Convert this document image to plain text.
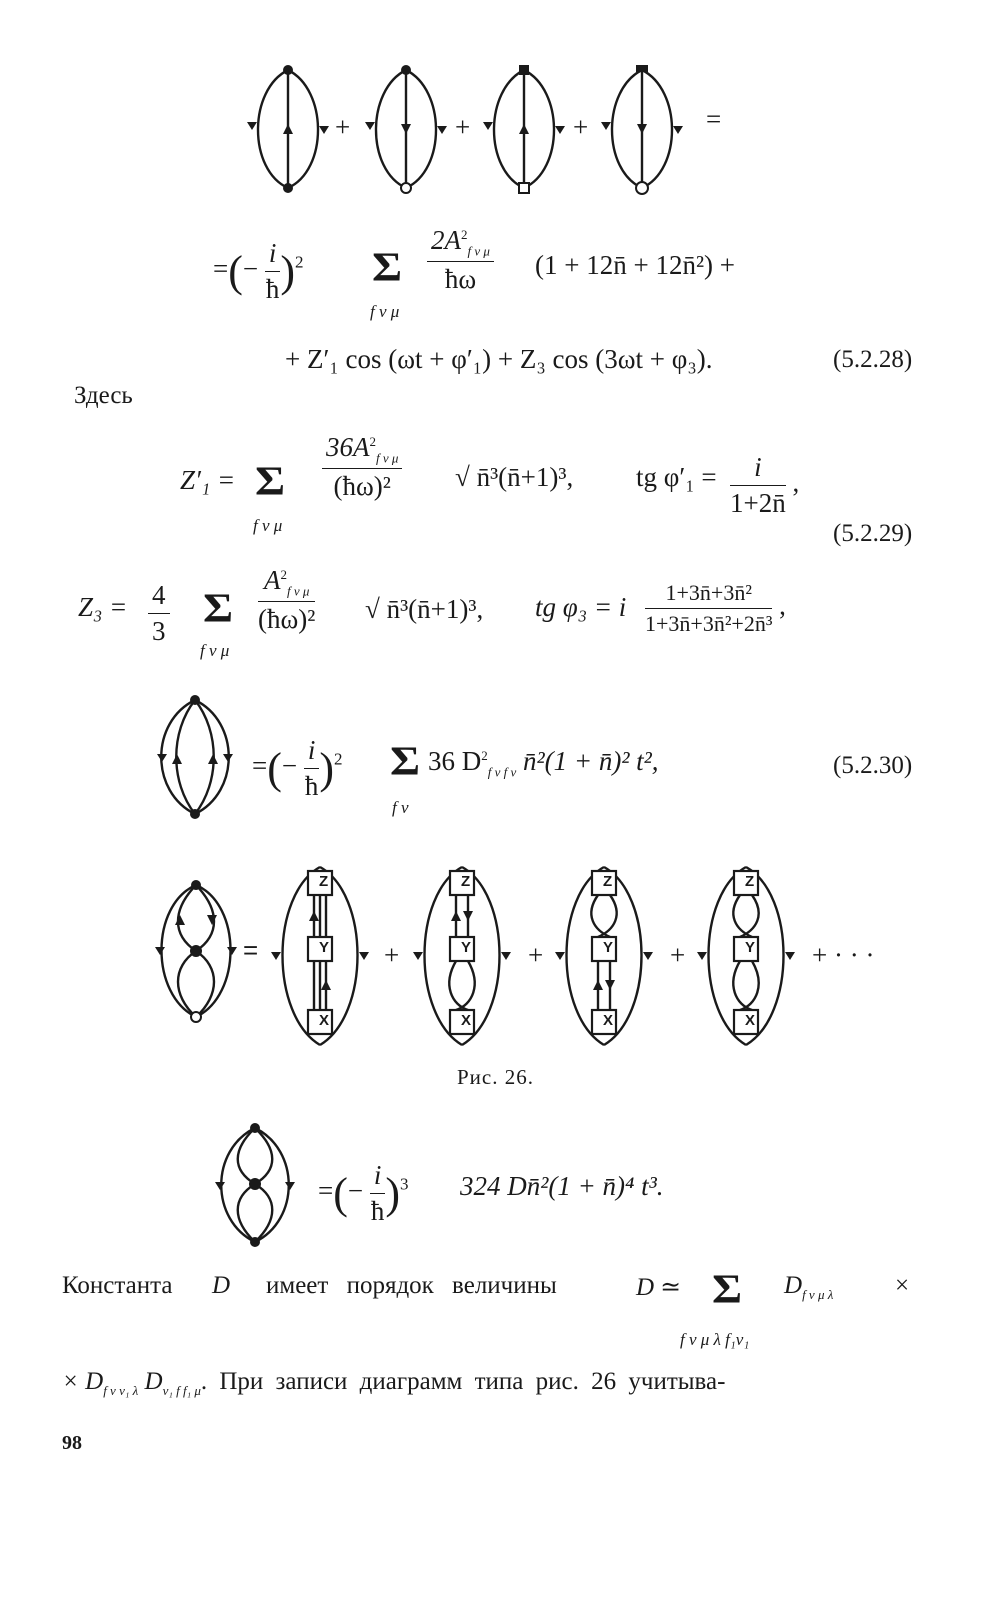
+	+	+	=
=(− $\frac{i}{ħ} )^2$ Σ
f ν μ
$\frac{2A^2_{f \nu \mu}}{ħ\omega} (1$ + 12n̄ + 12n̄²) +
+ Z′₁ cos (ωt + φ′₁) + Z₃ cos (3ωt + φ₃).	(5.2.28)
Здесь
Z′₁ = Σ
f ν μ
$\frac{36A^2_{f \nu \mu}}{\text{(ħω)²}}$ √ n̄³(n̄+1)³, tg $\varphi'_1 = \frac{i}{1+2n̄}$ ,
(5.2.29)
$Z_3 = \frac{4}{3}$ Σ
f ν μ
$\frac{A^2_{f \nu \mu}}{\text{(ħω)²}}$ √ n̄³(n̄+1)³, tg φ₃ = i $\frac{\text{1+3n̄+3n̄²}}{\text{1+3n̄+3n̄²+2n̄³}}$ ,
=(− $\frac{i}{ħ} )^2$ Σ
f ν
36 $D^2_{f \nu f \nu}$ n̄²(1 + n̄)² t²,	(5.2.30)
=
Z
Y
X
Z
Y
X
Z
Y
X
Z
Y
X
+	+	+	+ · · ·
Рис. 26.
=(− $\frac{i}{ħ} )^3$ 324 Dn̄²(1 + n̄)⁴ t³.
Константа D имеет порядок величины	D ≃ Σ
f ν μ λ f₁ν₁
$D_{f \nu \mu \lambda}$ ×
× $D_{f \nu \nu_1 \lambda}$ $D_{\nu_1 f f_1 \mu}$. При записи диаграмм типа рис. 26 учитыва-
98
